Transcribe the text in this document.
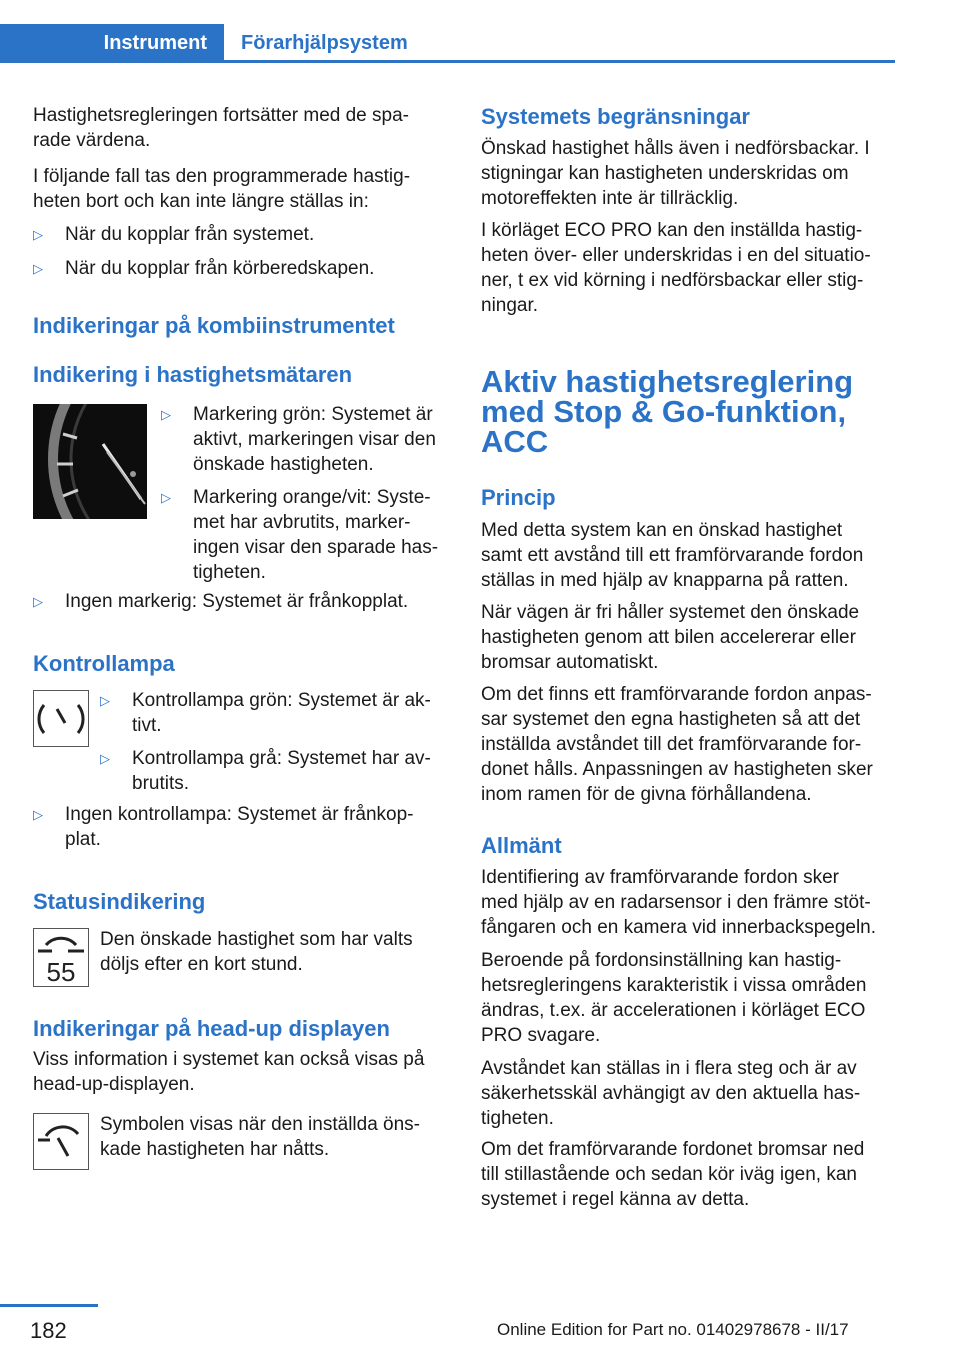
Instrument Förarhjälpsystem

Hastighetsregleringen fortsätter med de spa-
rade värdena.

I följande fall tas den programmerade hastig-
heten bort och kan inte längre ställas in:

▷ När du kopplar från systemet.
▷ När du kopplar från körberedskapen.
Indikeringar på kombiinstrumentet
Indikering i hastighetsmätaren
▷ Markering grön: Systemet är
aktivt, markeringen visar den
önskade hastigheten.
▷ Markering orange/vit: Syste-
met har avbrutits, marker-
ingen visar den sparade has-
tigheten.
▷ Ingen markerig: Systemet är frånkopplat.
Kontrollampa
▷ Kontrollampa grön: Systemet är ak-
tivt.
▷ Kontrollampa grå: Systemet har av-
brutits.
▷ Ingen kontrollampa: Systemet är frånkop-
plat.
Statusindikering
55

Den önskade hastighet som har valts
döljs efter en kort stund.

Indikeringar på head-up displayen

Viss information i systemet kan också visas på
head-up-displayen.

Symbolen visas när den inställda öns-
kade hastigheten har nåtts.

Systemets begränsningar

Önskad hastighet hålls även i nedförsbackar. I
stigningar kan hastigheten underskridas om
motoreffekten inte är tillräcklig.

I körläget ECO PRO kan den inställda hastig-
heten över- eller underskridas i en del situatio-
ner, t ex vid körning i nedförsbackar eller stig-
ningar.

Aktiv hastighetsreglering
med Stop & Go-funktion,
ACC
Princip

Med detta system kan en önskad hastighet
samt ett avstånd till ett framförvarande fordon
ställas in med hjälp av knapparna på ratten.

När vägen är fri håller systemet den önskade
hastigheten genom att bilen accelererar eller
bromsar automatiskt.

Om det finns ett framförvarande fordon anpas-
sar systemet den egna hastigheten så att det
inställda avståndet till det framförvarande for-
donet hålls. Anpassningen av hastigheten sker
inom ramen för de givna förhållandena.

Allmänt

Identifiering av framförvarande fordon sker
med hjälp av en radarsensor i den främre stöt-
fångaren och en kamera vid innerbackspegeln.

Beroende på fordonsinställning kan hastig-
hetsregleringens karakteristik i vissa områden
ändras, t.ex. är accelerationen i körläget ECO
PRO svagare.

Avståndet kan ställas in i flera steg och är av
säkerhetsskäl avhängigt av den aktuella has-
tigheten.

Om det framförvarande fordonet bromsar ned
till stillastående och sedan kör iväg igen, kan
systemet i regel känna av detta.

182	Online Edition for Part no. 01402978678 - II/17
